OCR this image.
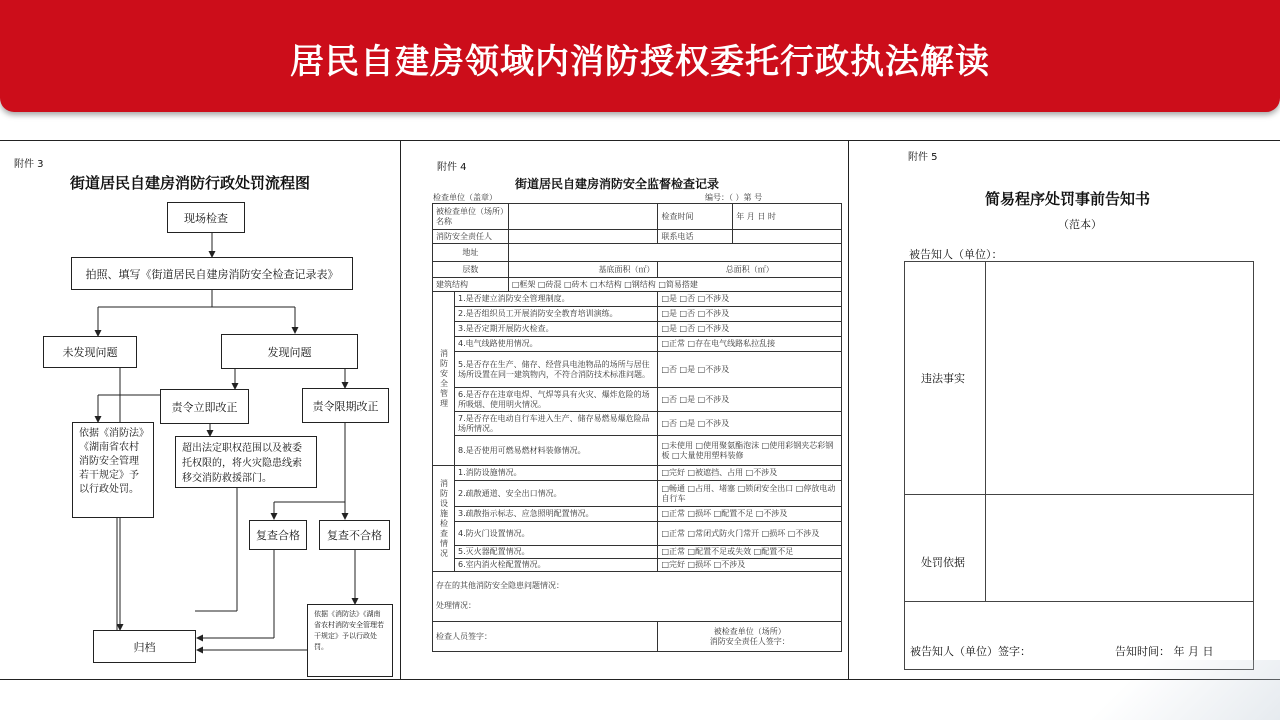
居民自建房领域内消防授权委托行政执法解读
附件 3
街道居民自建房消防行政处罚流程图
现场检查
拍照、填写《街道居民自建房消防安全检查记录表》
未发现问题	发现问题
责令立即改正	责令限期改正
依据《消防法》《湖南省农村消防安全管理若干规定》予以行政处罚。
超出法定职权范围以及被委托权限的，将火灾隐患线索移交消防救援部门。
复查合格	复查不合格
依据《消防法》《湖南省农村消防安全管理若干规定》予以行政处罚。
归档
附件 4
街道居民自建房消防安全监督检查记录
检查单位（盖章）	编号：（ ）第 号
被检查单位（场所）名称			检查时间	年 月 日 时
消防安全责任人			联系电话	
地址				
层数		基底面积（㎡）	总面积（㎡）	
建筑结构		□框架 □砖混 □砖木 □木结构 □钢结构 □简易搭建		
消防安全管理	1.是否建立消防安全管理制度。		□是 □否 □不涉及	
	2.是否组织员工开展消防安全教育培训演练。		□是 □否 □不涉及	
	3.是否定期开展防火检查。		□是 □否 □不涉及	
	4.电气线路使用情况。		□正常 □存在电气线路私拉乱接	
	5.是否存在生产、储存、经营具电池物品的场所与居住场所设置在同一建筑物内，不符合消防技术标准问题。		□否 □是 □不涉及	
	6.是否存在违章电焊、气焊等具有火灾、爆炸危险的场所吸烟、使用明火情况。		□否 □是 □不涉及	
	7.是否存在电动自行车进入生产、储存易燃易爆危险品场所情况。		□否 □是 □不涉及	
	8.是否使用可燃易燃材料装修情况。		□未使用 □使用聚氨酯泡沫 □使用彩钢夹芯彩钢板 □大量使用塑料装修	
消防设施检查情况	1.消防设施情况。		□完好 □被遮挡、占用 □不涉及	
	2.疏散通道、安全出口情况。		□畅通 □占用、堵塞 □锁闭安全出口 □停放电动自行车	
	3.疏散指示标志、应急照明配置情况。		□正常 □损坏 □配置不足 □不涉及	
	4.防火门设置情况。		□正常 □常闭式防火门常开 □损坏 □不涉及	
	5.灭火器配置情况。		□正常 □配置不足或失效 □配置不足	
	6.室内消火栓配置情况。		□完好 □损坏 □不涉及	

存在的其他消防安全隐患问题情况：
处理情况：				

检查人员签字：			被检查单位（场所）
消防安全责任人签字：	
附件 5
简易程序处罚事前告知书
（范本）
被告知人（单位）：
违法事实
处罚依据
被告知人（单位）签字：	告知时间： 年 月 日
